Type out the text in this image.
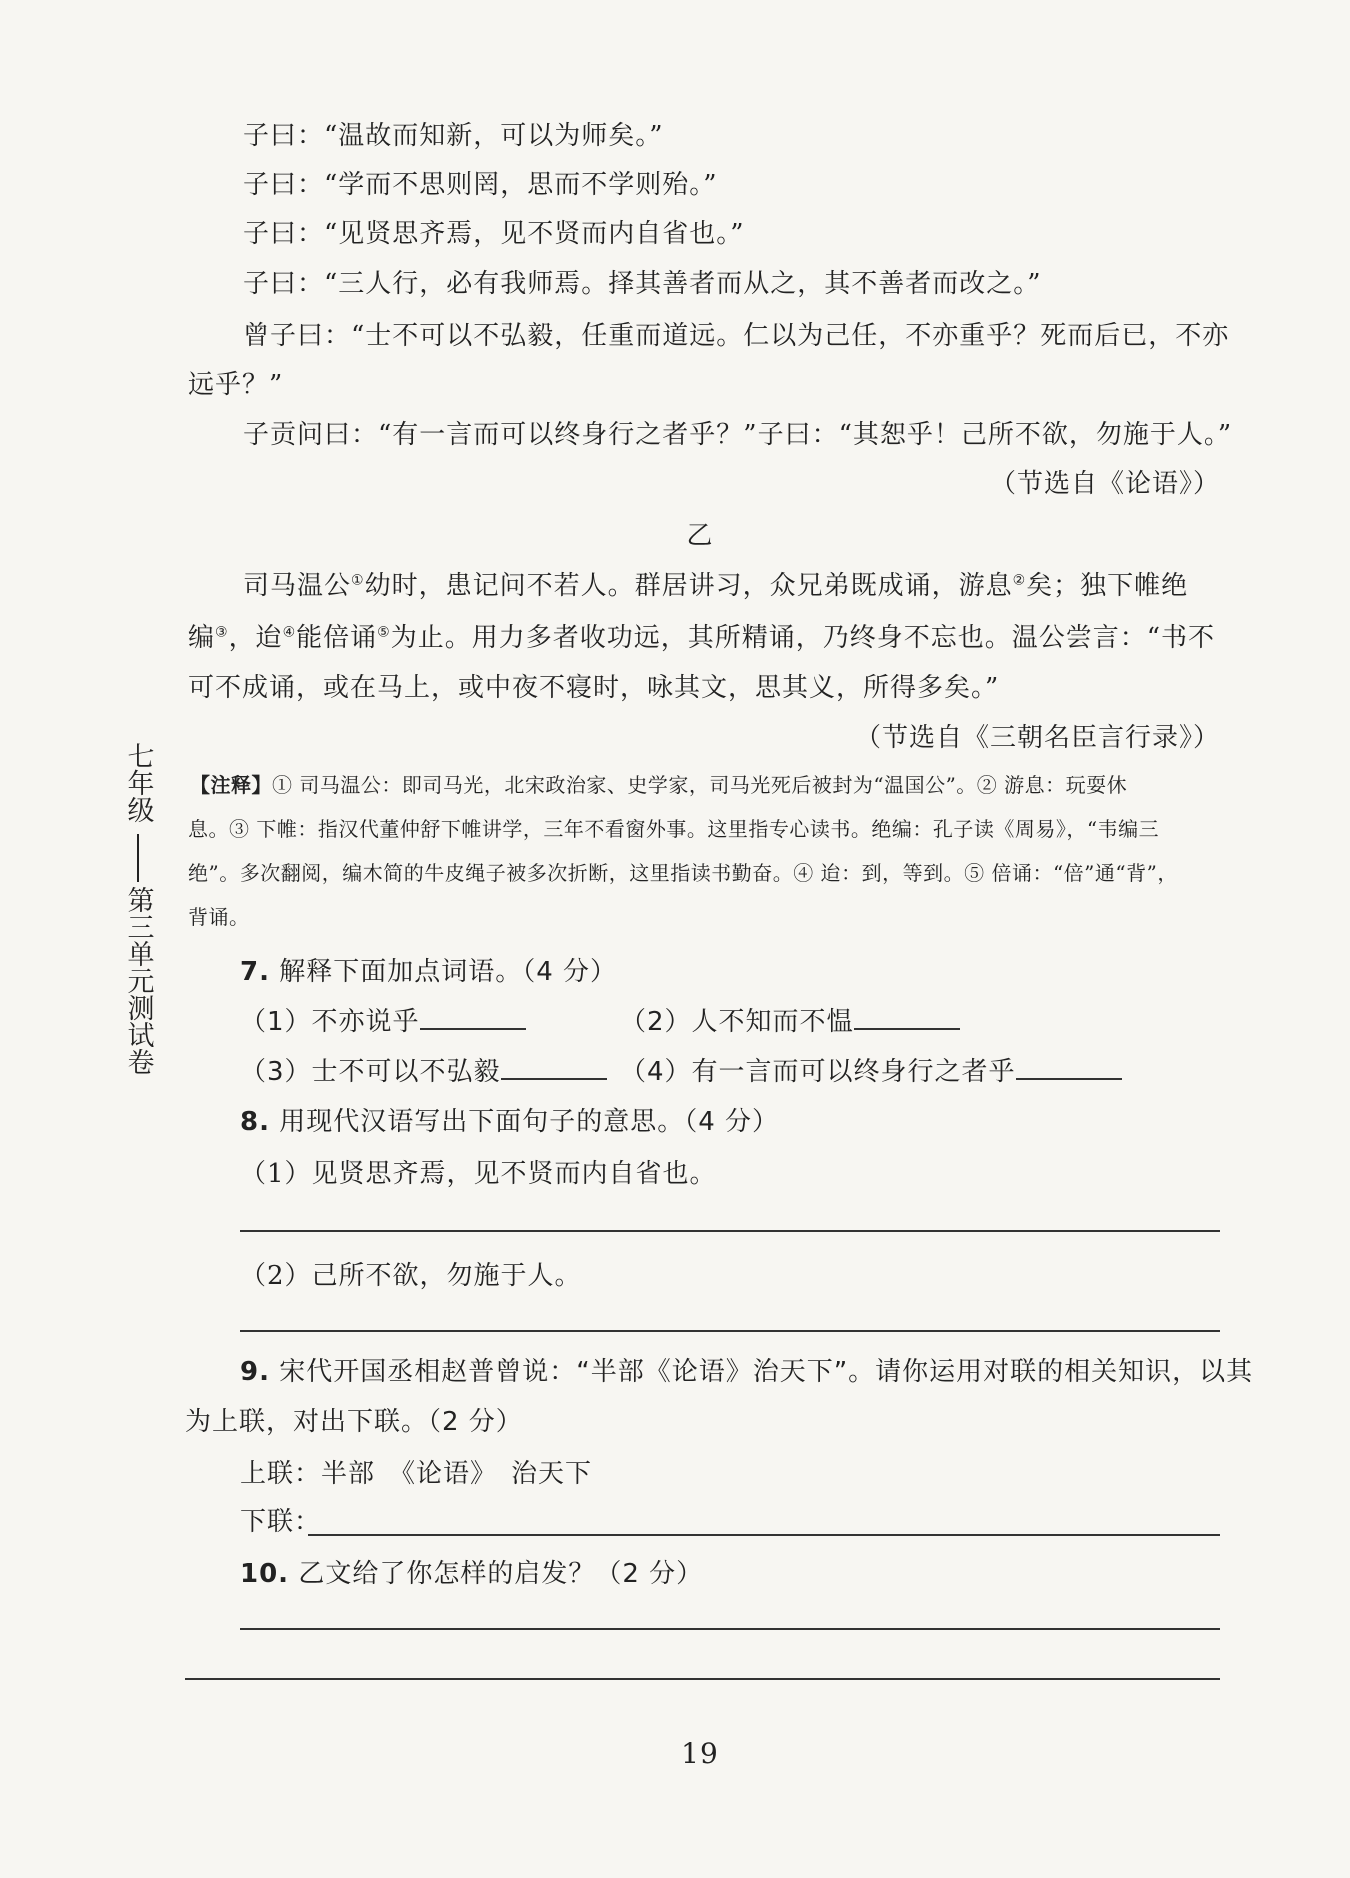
子曰：“温故而知新，可以为师矣。”
子曰：“学而不思则罔，思而不学则殆。”
子曰：“见贤思齐焉，见不贤而内自省也。”
子曰：“三人行，必有我师焉。择其善者而从之，其不善者而改之。”
曾子曰：“士不可以不弘毅，任重而道远。仁以为己任，不亦重乎？死而后已，不亦
远乎？”
子贡问曰：“有一言而可以终身行之者乎？”子曰：“其恕乎！己所不欲，勿施于人。”
（节选自《论语》）
乙
司马温公①幼时，患记问不若人。群居讲习，众兄弟既成诵，游息②矣；独下帷绝
编③，迨④能倍诵⑤为止。用力多者收功远，其所精诵，乃终身不忘也。温公尝言：“书不
可不成诵，或在马上，或中夜不寝时，咏其文，思其义，所得多矣。”
（节选自《三朝名臣言行录》）
【注释】① 司马温公：即司马光，北宋政治家、史学家，司马光死后被封为“温国公”。② 游息：玩耍休
息。③ 下帷：指汉代董仲舒下帷讲学，三年不看窗外事。这里指专心读书。绝编：孔子读《周易》，“韦编三
绝”。多次翻阅，编木简的牛皮绳子被多次折断，这里指读书勤奋。④ 迨：到，等到。⑤ 倍诵：“倍”通“背”，
背诵。
7. 解释下面加点词语。（4 分）
（1）不亦说乎	（2）人不知而不愠
（3）士不可以不弘毅	（4）有一言而可以终身行之者乎
8. 用现代汉语写出下面句子的意思。（4 分）
（1）见贤思齐焉，见不贤而内自省也。
（2）己所不欲，勿施于人。
9. 宋代开国丞相赵普曾说：“半部《论语》治天下”。请你运用对联的相关知识，以其
为上联，对出下联。（2 分）
上联：半部　《论语》　治天下
下联：
10. 乙文给了你怎样的启发？（2 分）
19
七年级
第三单元测试卷
